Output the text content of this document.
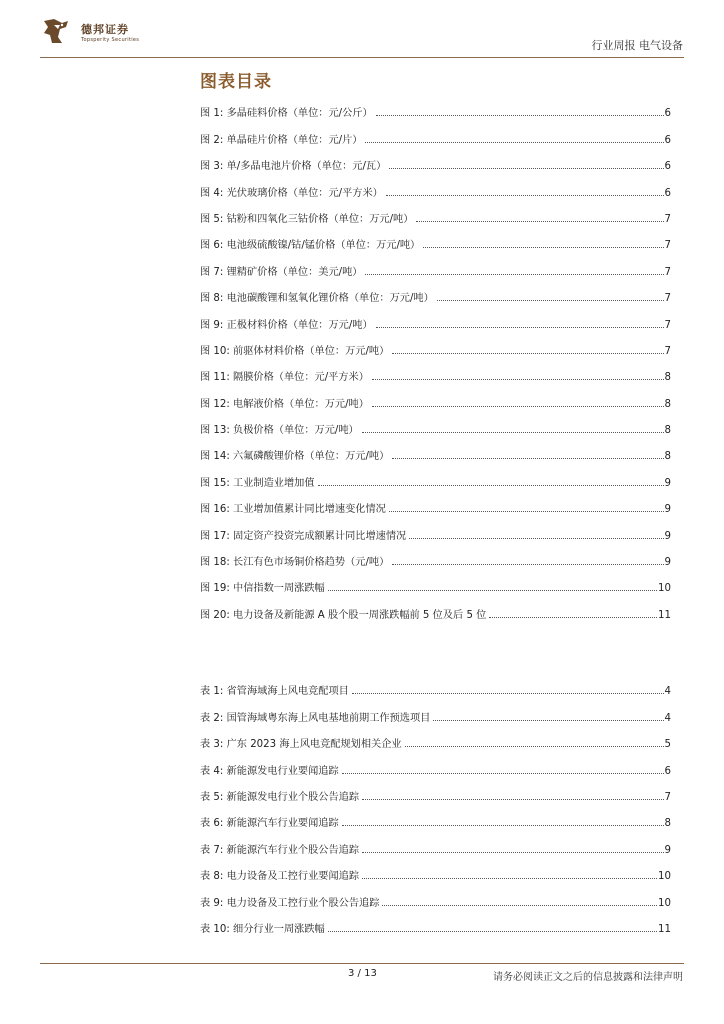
德邦证券
Topsperity Securities	行业周报 电气设备
图表目录
图 1: 多晶硅料价格（单位：元/公斤）	6
图 2: 单晶硅片价格（单位：元/片）	6
图 3: 单/多晶电池片价格（单位：元/瓦）	6
图 4: 光伏玻璃价格（单位：元/平方米）	6
图 5: 钴粉和四氧化三钴价格（单位：万元/吨）	7
图 6: 电池级硫酸镍/钴/锰价格（单位：万元/吨）	7
图 7: 锂精矿价格（单位：美元/吨）	7
图 8: 电池碳酸锂和氢氧化锂价格（单位：万元/吨）	7
图 9: 正极材料价格（单位：万元/吨）	7
图 10: 前驱体材料价格（单位：万元/吨）	7
图 11: 隔膜价格（单位：元/平方米）	8
图 12: 电解液价格（单位：万元/吨）	8
图 13: 负极价格（单位：万元/吨）	8
图 14: 六氟磷酸锂价格（单位：万元/吨）	8
图 15: 工业制造业增加值	9
图 16: 工业增加值累计同比增速变化情况	9
图 17: 固定资产投资完成额累计同比增速情况	9
图 18: 长江有色市场铜价格趋势（元/吨）	9
图 19: 中信指数一周涨跌幅	10
图 20: 电力设备及新能源 A 股个股一周涨跌幅前 5 位及后 5 位	11
表 1: 省管海域海上风电竞配项目	4
表 2: 国管海域粤东海上风电基地前期工作预选项目	4
表 3: 广东 2023 海上风电竞配规划相关企业	5
表 4: 新能源发电行业要闻追踪	6
表 5: 新能源发电行业个股公告追踪	7
表 6: 新能源汽车行业要闻追踪	8
表 7: 新能源汽车行业个股公告追踪	9
表 8: 电力设备及工控行业要闻追踪	10
表 9: 电力设备及工控行业个股公告追踪	10
表 10: 细分行业一周涨跌幅	11
3 / 13	请务必阅读正文之后的信息披露和法律声明
